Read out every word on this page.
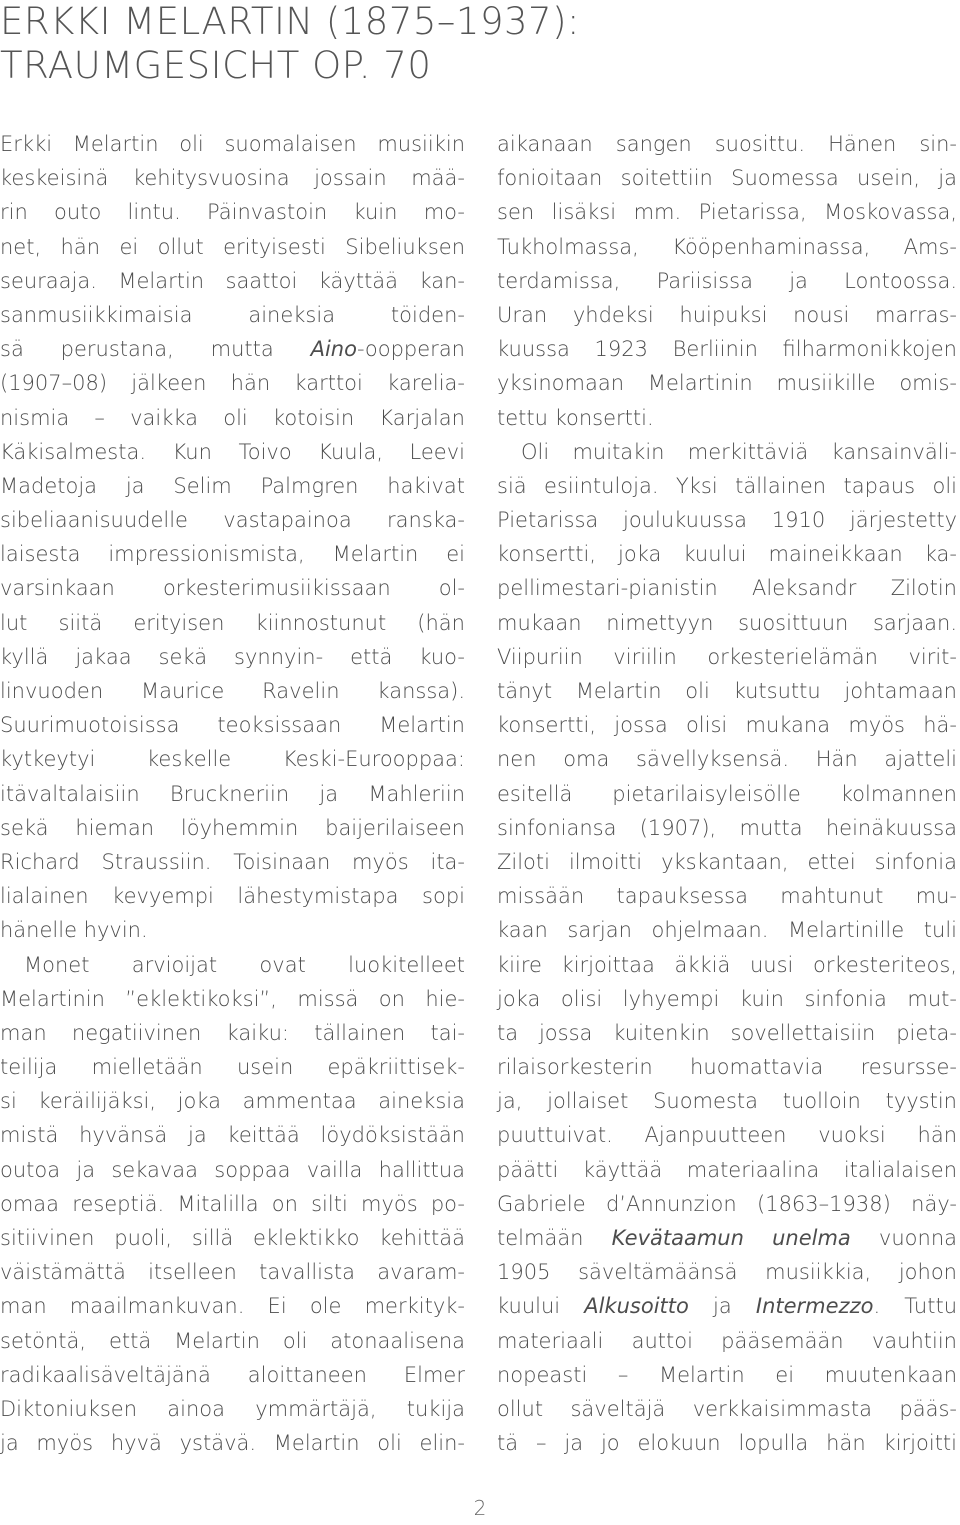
ERKKI MELARTIN (1875–1937):
TRAUMGESICHT OP. 70
Erkki Melartin oli suomalaisen musiikin
keskeisinä kehitysvuosina jossain mää-
rin outo lintu. Päinvastoin kuin mo-
net, hän ei ollut erityisesti Sibeliuksen
seuraaja. Melartin saattoi käyttää kan-
sanmusiikkimaisia aineksia töiden-
sä perustana, mutta Aino-oopperan
(1907–08) jälkeen hän karttoi karelia-
nismia – vaikka oli kotoisin Karjalan
Käkisalmesta. Kun Toivo Kuula, Leevi
Madetoja ja Selim Palmgren hakivat
sibeliaanisuudelle vastapainoa ranska-
laisesta impressionismista, Melartin ei
varsinkaan orkesterimusiikissaan ol-
lut siitä erityisen kiinnostunut (hän
kyllä jakaa sekä synnyin- että kuo-
linvuoden Maurice Ravelin kanssa).
Suurimuotoisissa teoksissaan Melartin
kytkeytyi keskelle Keski-Eurooppaa:
itävaltalaisiin Bruckneriin ja Mahleriin
sekä hieman löyhemmin baijerilaiseen
Richard Straussiin. Toisinaan myös ita-
lialainen kevyempi lähestymistapa sopi
hänelle hyvin.
Monet arvioijat ovat luokitelleet
Melartinin ”eklektikoksi”, missä on hie-
man negatiivinen kaiku: tällainen tai-
teilija mielletään usein epäkriittisek-
si keräilijäksi, joka ammentaa aineksia
mistä hyvänsä ja keittää löydöksistään
outoa ja sekavaa soppaa vailla hallittua
omaa reseptiä. Mitalilla on silti myös po-
sitiivinen puoli, sillä eklektikko kehittää
väistämättä itselleen tavallista avaram-
man maailmankuvan. Ei ole merkityk-
setöntä, että Melartin oli atonaalisena
radikaalisäveltäjänä aloittaneen Elmer
Diktoniuksen ainoa ymmärtäjä, tukija
ja myös hyvä ystävä. Melartin oli elin-
aikanaan sangen suosittu. Hänen sin-
fonioitaan soitettiin Suomessa usein, ja
sen lisäksi mm. Pietarissa, Moskovassa,
Tukholmassa, Kööpenhaminassa, Ams-
terdamissa, Pariisissa ja Lontoossa.
Uran yhdeksi huipuksi nousi marras-
kuussa 1923 Berliinin filharmonikkojen
yksinomaan Melartinin musiikille omis-
tettu konsertti.
Oli muitakin merkittäviä kansainväli-
siä esiintuloja. Yksi tällainen tapaus oli
Pietarissa joulukuussa 1910 järjestetty
konsertti, joka kuului maineikkaan ka-
pellimestari-pianistin Aleksandr Zilotin
mukaan nimettyyn suosittuun sarjaan.
Viipuriin viriilin orkesterielämän virit-
tänyt Melartin oli kutsuttu johtamaan
konsertti, jossa olisi mukana myös hä-
nen oma sävellyksensä. Hän ajatteli
esitellä pietarilaisyleisölle kolmannen
sinfoniansa (1907), mutta heinäkuussa
Ziloti ilmoitti ykskantaan, ettei sinfonia
missään tapauksessa mahtunut mu-
kaan sarjan ohjelmaan. Melartinille tuli
kiire kirjoittaa äkkiä uusi orkesteriteos,
joka olisi lyhyempi kuin sinfonia mut-
ta jossa kuitenkin sovellettaisiin pieta-
rilaisorkesterin huomattavia resursse-
ja, jollaiset Suomesta tuolloin tyystin
puuttuivat. Ajanpuutteen vuoksi hän
päätti käyttää materiaalina italialaisen
Gabriele d’Annunzion (1863–1938) näy-
telmään Kevätaamun unelma vuonna
1905 säveltämäänsä musiikkia, johon
kuului Alkusoitto ja Intermezzo. Tuttu
materiaali auttoi pääsemään vauhtiin
nopeasti – Melartin ei muutenkaan
ollut säveltäjä verkkaisimmasta pääs-
tä – ja jo elokuun lopulla hän kirjoitti
2
